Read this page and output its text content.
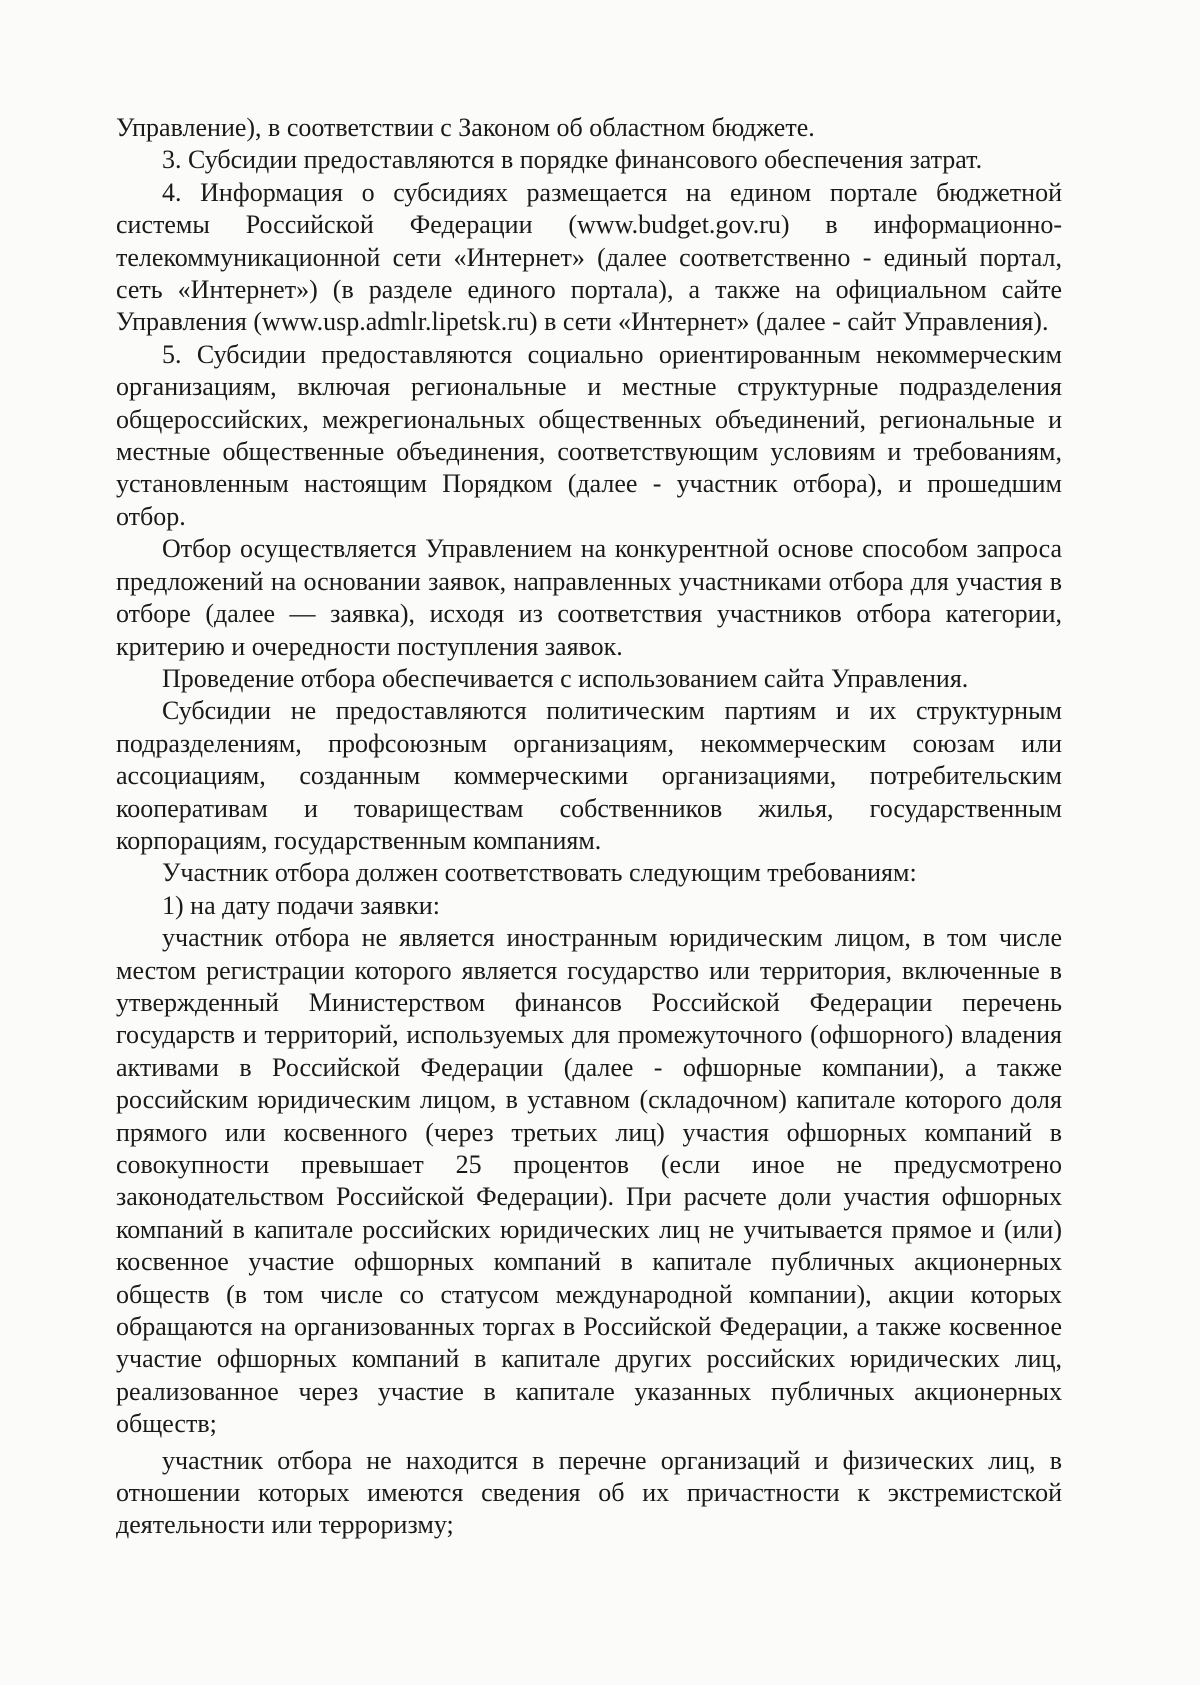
Управление), в соответствии с Законом об областном бюджете.

3. Субсидии предоставляются в порядке финансового обеспечения затрат.

4. Информация о субсидиях размещается на едином портале бюджетной системы Российской Федерации (www.budget.gov.ru) в информационно-телекоммуникационной сети «Интернет» (далее соответственно - единый портал, сеть «Интернет») (в разделе единого портала), а также на официальном сайте Управления (www.usp.admlr.lipetsk.ru) в сети «Интернет» (далее - сайт Управления).

5. Субсидии предоставляются социально ориентированным некоммерческим организациям, включая региональные и местные структурные подразделения общероссийских, межрегиональных общественных объединений, региональные и местные общественные объединения, соответствующим условиям и требованиям, установленным настоящим Порядком (далее - участник отбора), и прошедшим отбор.

Отбор осуществляется Управлением на конкурентной основе способом запроса предложений на основании заявок, направленных участниками отбора для участия в отборе (далее — заявка), исходя из соответствия участников отбора категории, критерию и очередности поступления заявок.

Проведение отбора обеспечивается с использованием сайта Управления.

Субсидии не предоставляются политическим партиям и их структурным подразделениям, профсоюзным организациям, некоммерческим союзам или ассоциациям, созданным коммерческими организациями, потребительским кооперативам и товариществам собственников жилья, государственным корпорациям, государственным компаниям.

Участник отбора должен соответствовать следующим требованиям:

1) на дату подачи заявки:

участник отбора не является иностранным юридическим лицом, в том числе местом регистрации которого является государство или территория, включенные в утвержденный Министерством финансов Российской Федерации перечень государств и территорий, используемых для промежуточного (офшорного) владения активами в Российской Федерации (далее - офшорные компании), а также российским юридическим лицом, в уставном (складочном) капитале которого доля прямого или косвенного (через третьих лиц) участия офшорных компаний в совокупности превышает 25 процентов (если иное не предусмотрено законодательством Российской Федерации). При расчете доли участия офшорных компаний в капитале российских юридических лиц не учитывается прямое и (или) косвенное участие офшорных компаний в капитале публичных акционерных обществ (в том числе со статусом международной компании), акции которых обращаются на организованных торгах в Российской Федерации, а также косвенное участие офшорных компаний в капитале других российских юридических лиц, реализованное через участие в капитале указанных публичных акционерных обществ;

участник отбора не находится в перечне организаций и физических лиц, в отношении которых имеются сведения об их причастности к экстремистской деятельности или терроризму;
